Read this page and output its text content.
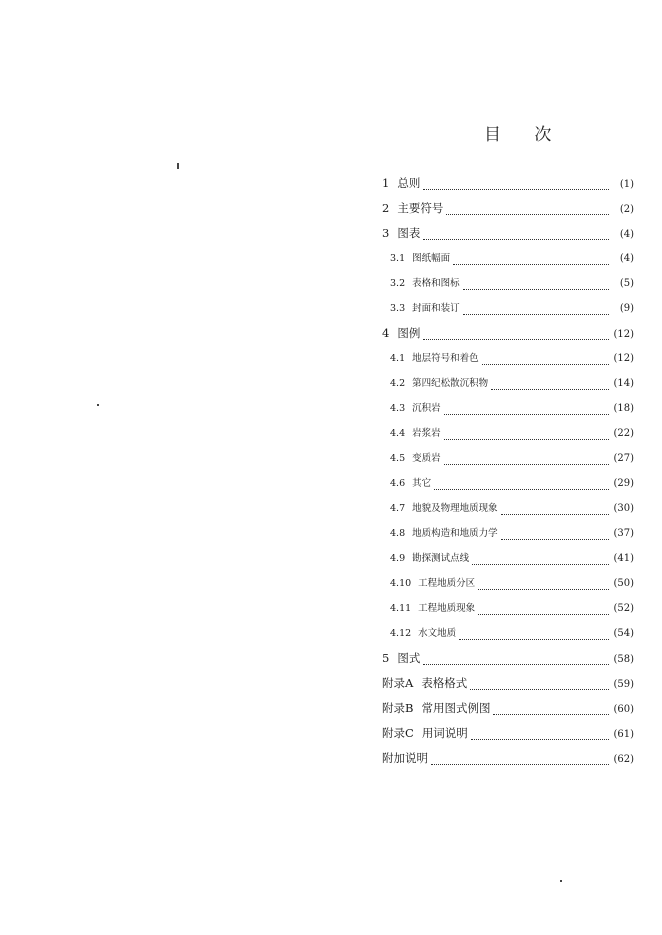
目 次
1 总则	(1)
2 主要符号	(2)
3 图表	(4)
3.1 图纸幅面	(4)
3.2 表格和图标	(5)
3.3 封面和装订	(9)
4 图例	(12)
4.1 地层符号和着色	(12)
4.2 第四纪松散沉积物	(14)
4.3 沉积岩	(18)
4.4 岩浆岩	(22)
4.5 变质岩	(27)
4.6 其它	(29)
4.7 地貌及物理地质现象	(30)
4.8 地质构造和地质力学	(37)
4.9 勘探测试点线	(41)
4.10 工程地质分区	(50)
4.11 工程地质现象	(52)
4.12 水文地质	(54)
5 图式	(58)
附录A 表格格式	(59)
附录B 常用图式例图	(60)
附录C 用词说明	(61)
附加说明	(62)
